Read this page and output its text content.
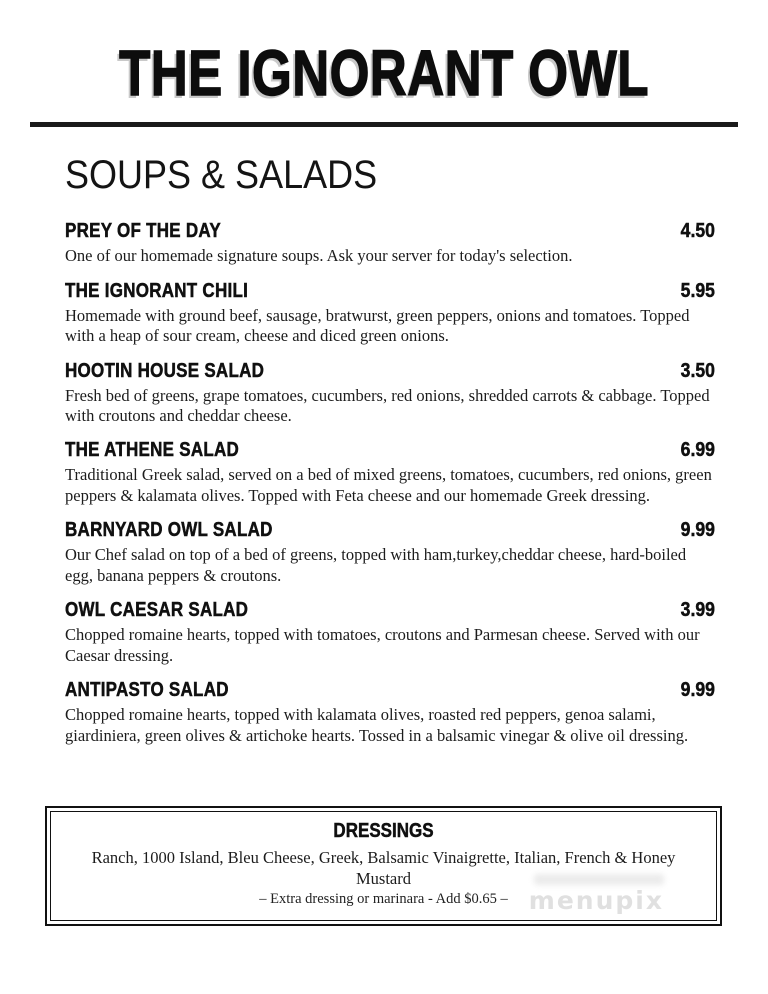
THE IGNORANT OWL
SOUPS & SALADS
PREY OF THE DAY	4.50

One of our homemade signature soups. Ask your server for today's selection.

THE IGNORANT CHILI	5.95

Homemade with ground beef, sausage, bratwurst, green peppers, onions and tomatoes. Topped with a heap of sour cream, cheese and diced green onions.

HOOTIN HOUSE SALAD	3.50

Fresh bed of greens, grape tomatoes, cucumbers, red onions, shredded carrots & cabbage. Topped with croutons and cheddar cheese.

THE ATHENE SALAD	6.99

Traditional Greek salad, served on a bed of mixed greens, tomatoes, cucumbers, red onions, green peppers & kalamata olives. Topped with Feta cheese and our homemade Greek dressing.

BARNYARD OWL SALAD	9.99

Our Chef salad on top of a bed of greens, topped with ham,turkey,cheddar cheese, hard-boiled egg, banana peppers & croutons.

OWL CAESAR SALAD	3.99

Chopped romaine hearts, topped with tomatoes, croutons and Parmesan cheese. Served with our Caesar dressing.

ANTIPASTO SALAD	9.99

Chopped romaine hearts, topped with kalamata olives, roasted red peppers, genoa salami, giardiniera, green olives & artichoke hearts. Tossed in a balsamic vinegar & olive oil dressing.

DRESSINGS

Ranch, 1000 Island, Bleu Cheese, Greek, Balsamic Vinaigrette, Italian, French & Honey Mustard

– Extra dressing or marinara - Add $0.65 – menupix
